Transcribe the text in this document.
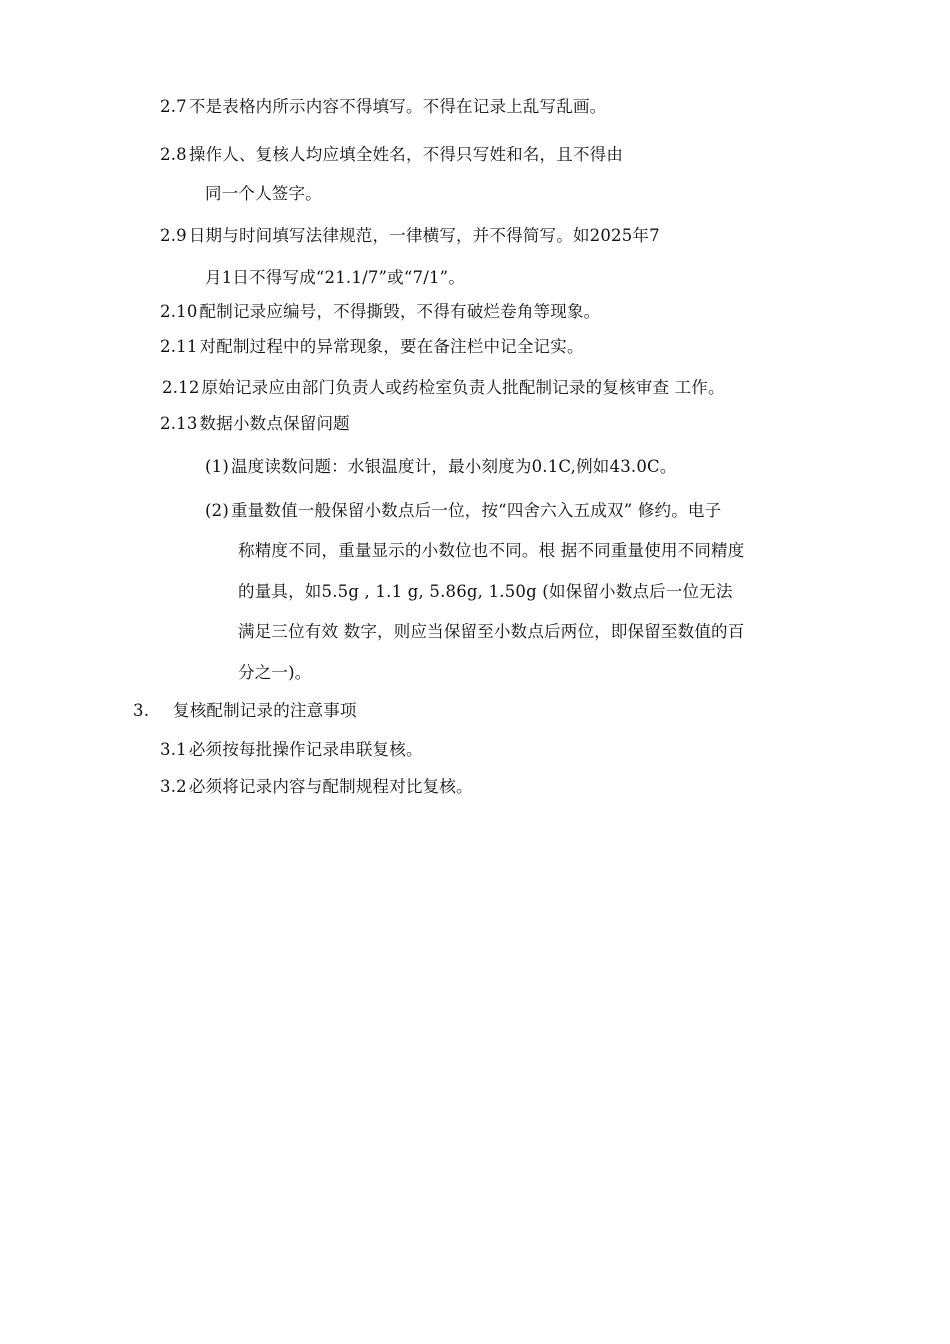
2.7 不是表格内所示内容不得填写。不得在记录上乱写乱画。
2.8 操作人、复核人均应填全姓名，不得只写姓和名，且不得由
同一个人签字。
2.9 日期与时间填写法律规范，一律横写，并不得简写。如2025年7
月1日不得写成“21.1/7”或“7/1”。
2.10 配制记录应编号，不得撕毁，不得有破烂卷角等现象。
2.11 对配制过程中的异常现象，要在备注栏中记全记实。
2.12 原始记录应由部门负责人或药检室负责人批配制记录的复核审查 工作。
2.13 数据小数点保留问题
(1) 温度读数问题：水银温度计，最小刻度为0.1C,例如43.0C。
(2) 重量数值一般保留小数点后一位，按“四舍六入五成双” 修约。电子
称精度不同，重量显示的小数位也不同。根 据不同重量使用不同精度
的量具，如5.5g , 1.1 g, 5.86g, 1.50g (如保留小数点后一位无法
满足三位有效 数字，则应当保留至小数点后两位，即保留至数值的百
分之一)。
3. 复核配制记录的注意事项
3.1 必须按每批操作记录串联复核。
3.2 必须将记录内容与配制规程对比复核。
